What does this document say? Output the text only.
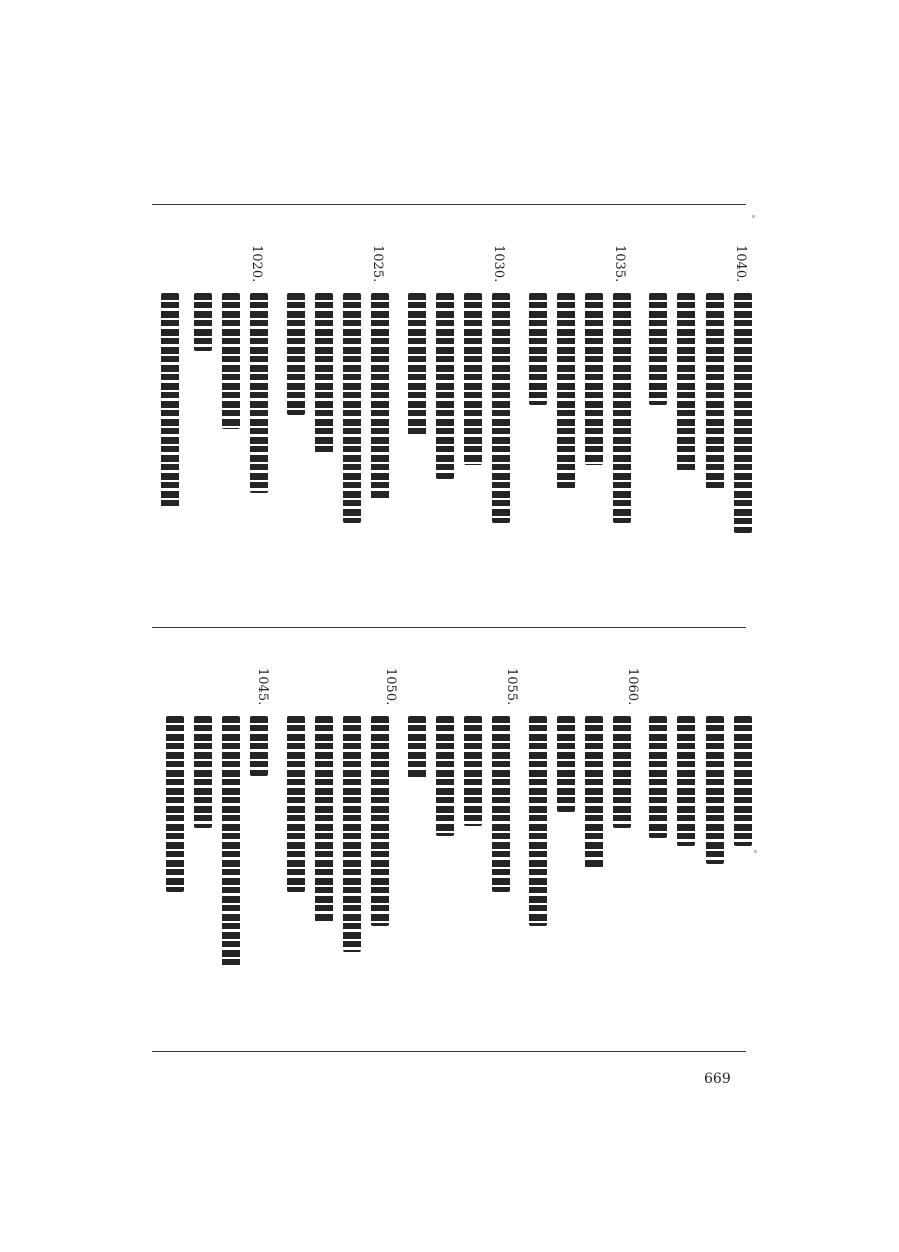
1040.
1035.
1030.
1025.
1020.
1060.
1055.
1050.
1045.
669
